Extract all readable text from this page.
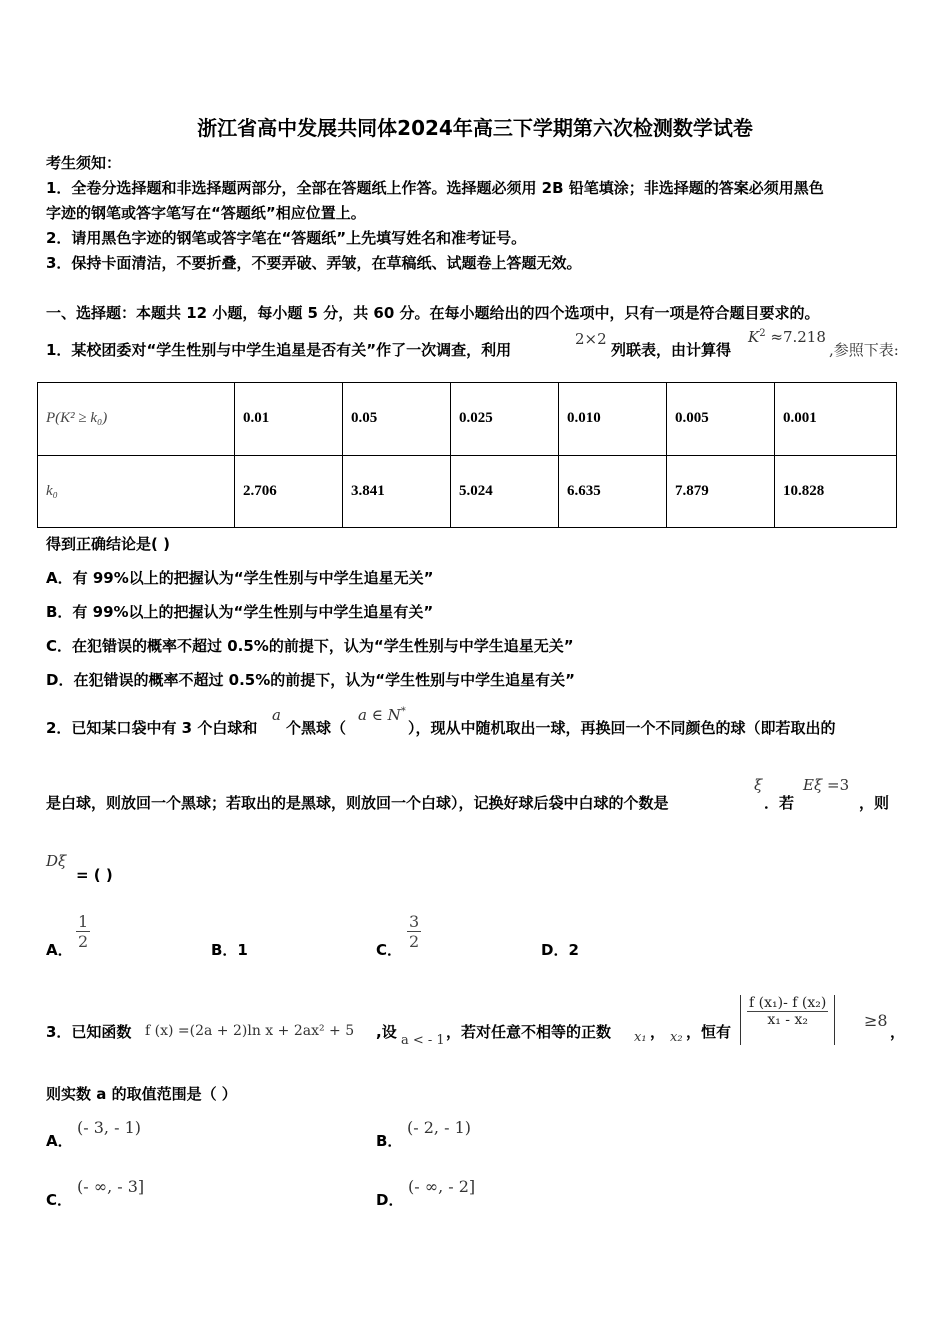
浙江省高中发展共同体2024年高三下学期第六次检测数学试卷
考生须知：
1．全卷分选择题和非选择题两部分，全部在答题纸上作答。选择题必须用 2B 铅笔填涂；非选择题的答案必须用黑色
字迹的钢笔或答字笔写在“答题纸”相应位置上。
2．请用黑色字迹的钢笔或答字笔在“答题纸”上先填写姓名和准考证号。
3．保持卡面清洁，不要折叠，不要弄破、弄皱，在草稿纸、试题卷上答题无效。
一、选择题：本题共 12 小题，每小题 5 分，共 60 分。在每小题给出的四个选项中，只有一项是符合题目要求的。
1．某校团委对“学生性别与中学生追星是否有关”作了一次调查，利用
2×2
列联表，由计算得
$K^2 \approx 7.218$
,参照下表:
P(K² ≥ k₀)	0.01	0.05	0.025	0.010	0.005	0.001
k₀	2.706	3.841	5.024	6.635	7.879	10.828
得到正确结论是( )
A．有 99%以上的把握认为“学生性别与中学生追星无关”
B．有 99%以上的把握认为“学生性别与中学生追星有关”
C．在犯错误的概率不超过 0.5%的前提下，认为“学生性别与中学生追星无关”
D．在犯错误的概率不超过 0.5%的前提下，认为“学生性别与中学生追星有关”
2．已知某口袋中有 3 个白球和
a
个黑球（
a ∈ N*
），现从中随机取出一球，再换回一个不同颜色的球（即若取出的
是白球，则放回一个黑球；若取出的是黑球，则放回一个白球），记换好球后袋中白球的个数是
ξ
．若
Eξ =3
，则
Dξ
= ( )
A． $\frac{1}{2}$	B．1	C． $\frac{3}{2}$	D．2
3．已知函数 f (x) =(2a + 2)ln x + 2ax² + 5 ,设 a < - 1 ，若对任意不相等的正数 x₁ ， x₂ ，恒有
$\frac{\text{f (x₁)- f (x₂)}}{\text{x₁ - x₂}} \ge 8$
，
则实数 a 的取值范围是（ ）
A．
(- 3, - 1)
B．
(- 2, - 1)
C．
(- ∞, - 3]
D．
(- ∞, - 2]
